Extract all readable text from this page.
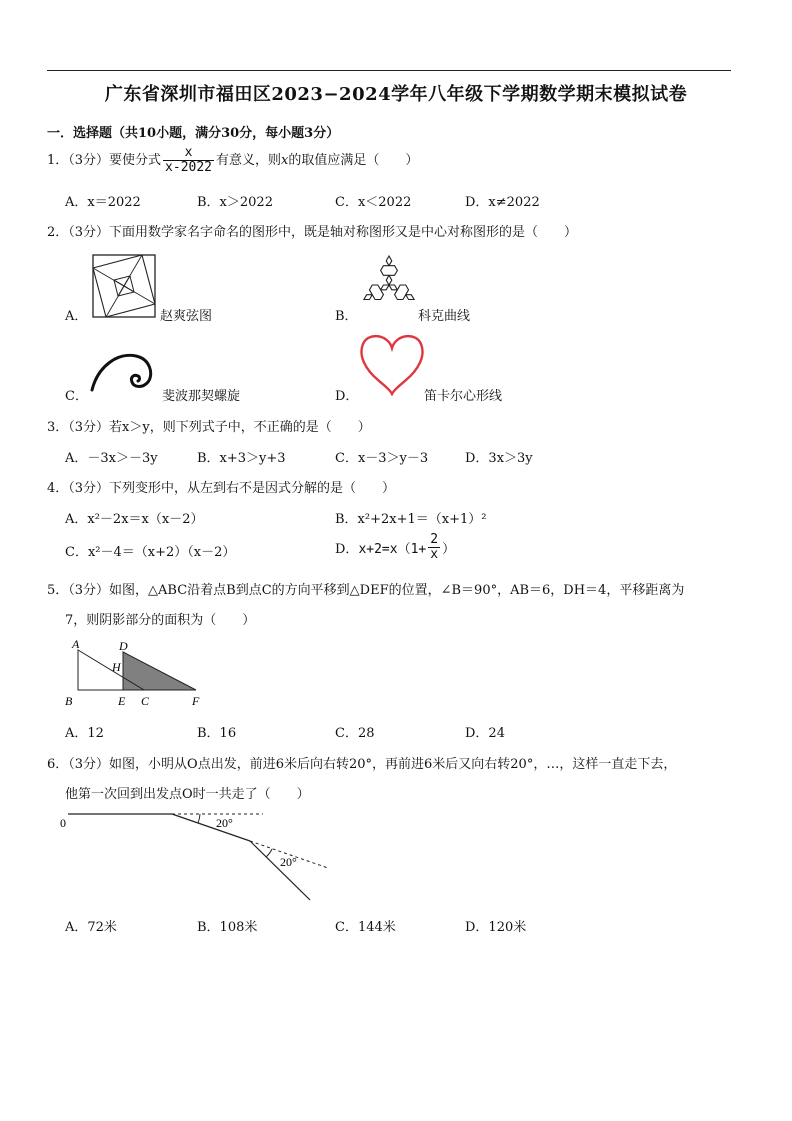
广东省深圳市福田区2023−2024学年八年级下学期数学期末模拟试卷
一．选择题（共10小题，满分30分，每小题3分）
1．（3分）要使分式 $\frac{x}{x-2022}$ 有意义，则x的取值应满足（　　）
A．x＝2022	B．x＞2022	C．x＜2022	D．x≠2022
2．（3分）下面用数学家名字命名的图形中，既是轴对称图形又是中心对称图形的是（　　）
A．	赵爽弦图	B．	科克曲线
C．	斐波那契螺旋	D．	笛卡尔心形线
3．（3分）若x＞y，则下列式子中，不正确的是（　　）
A．－3x＞－3y	B．x+3＞y+3	C．x－3＞y－3	D．3x＞3y
4．（3分）下列变形中，从左到右不是因式分解的是（　　）
A．x²－2x＝x（x－2）	B．x²+2x+1＝（x+1）²
C．x²－4＝（x+2）（x－2）	D．$x+2=x(1+ \frac{2}{x}$ ）
5．（3分）如图，△ABC沿着点B到点C的方向平移到△DEF的位置，∠B＝90°，AB＝6，DH＝4，平移距离为
7，则阴影部分的面积为（　　）
A	D
H
B	E C	F
A．12	B．16	C．28	D．24
6．（3分）如图，小明从O点出发，前进6米后向右转20°，再前进6米后又向右转20°，…，这样一直走下去，
他第一次回到出发点O时一共走了（　　）
0	20°
20°
A．72米	B．108米	C．144米	D．120米
